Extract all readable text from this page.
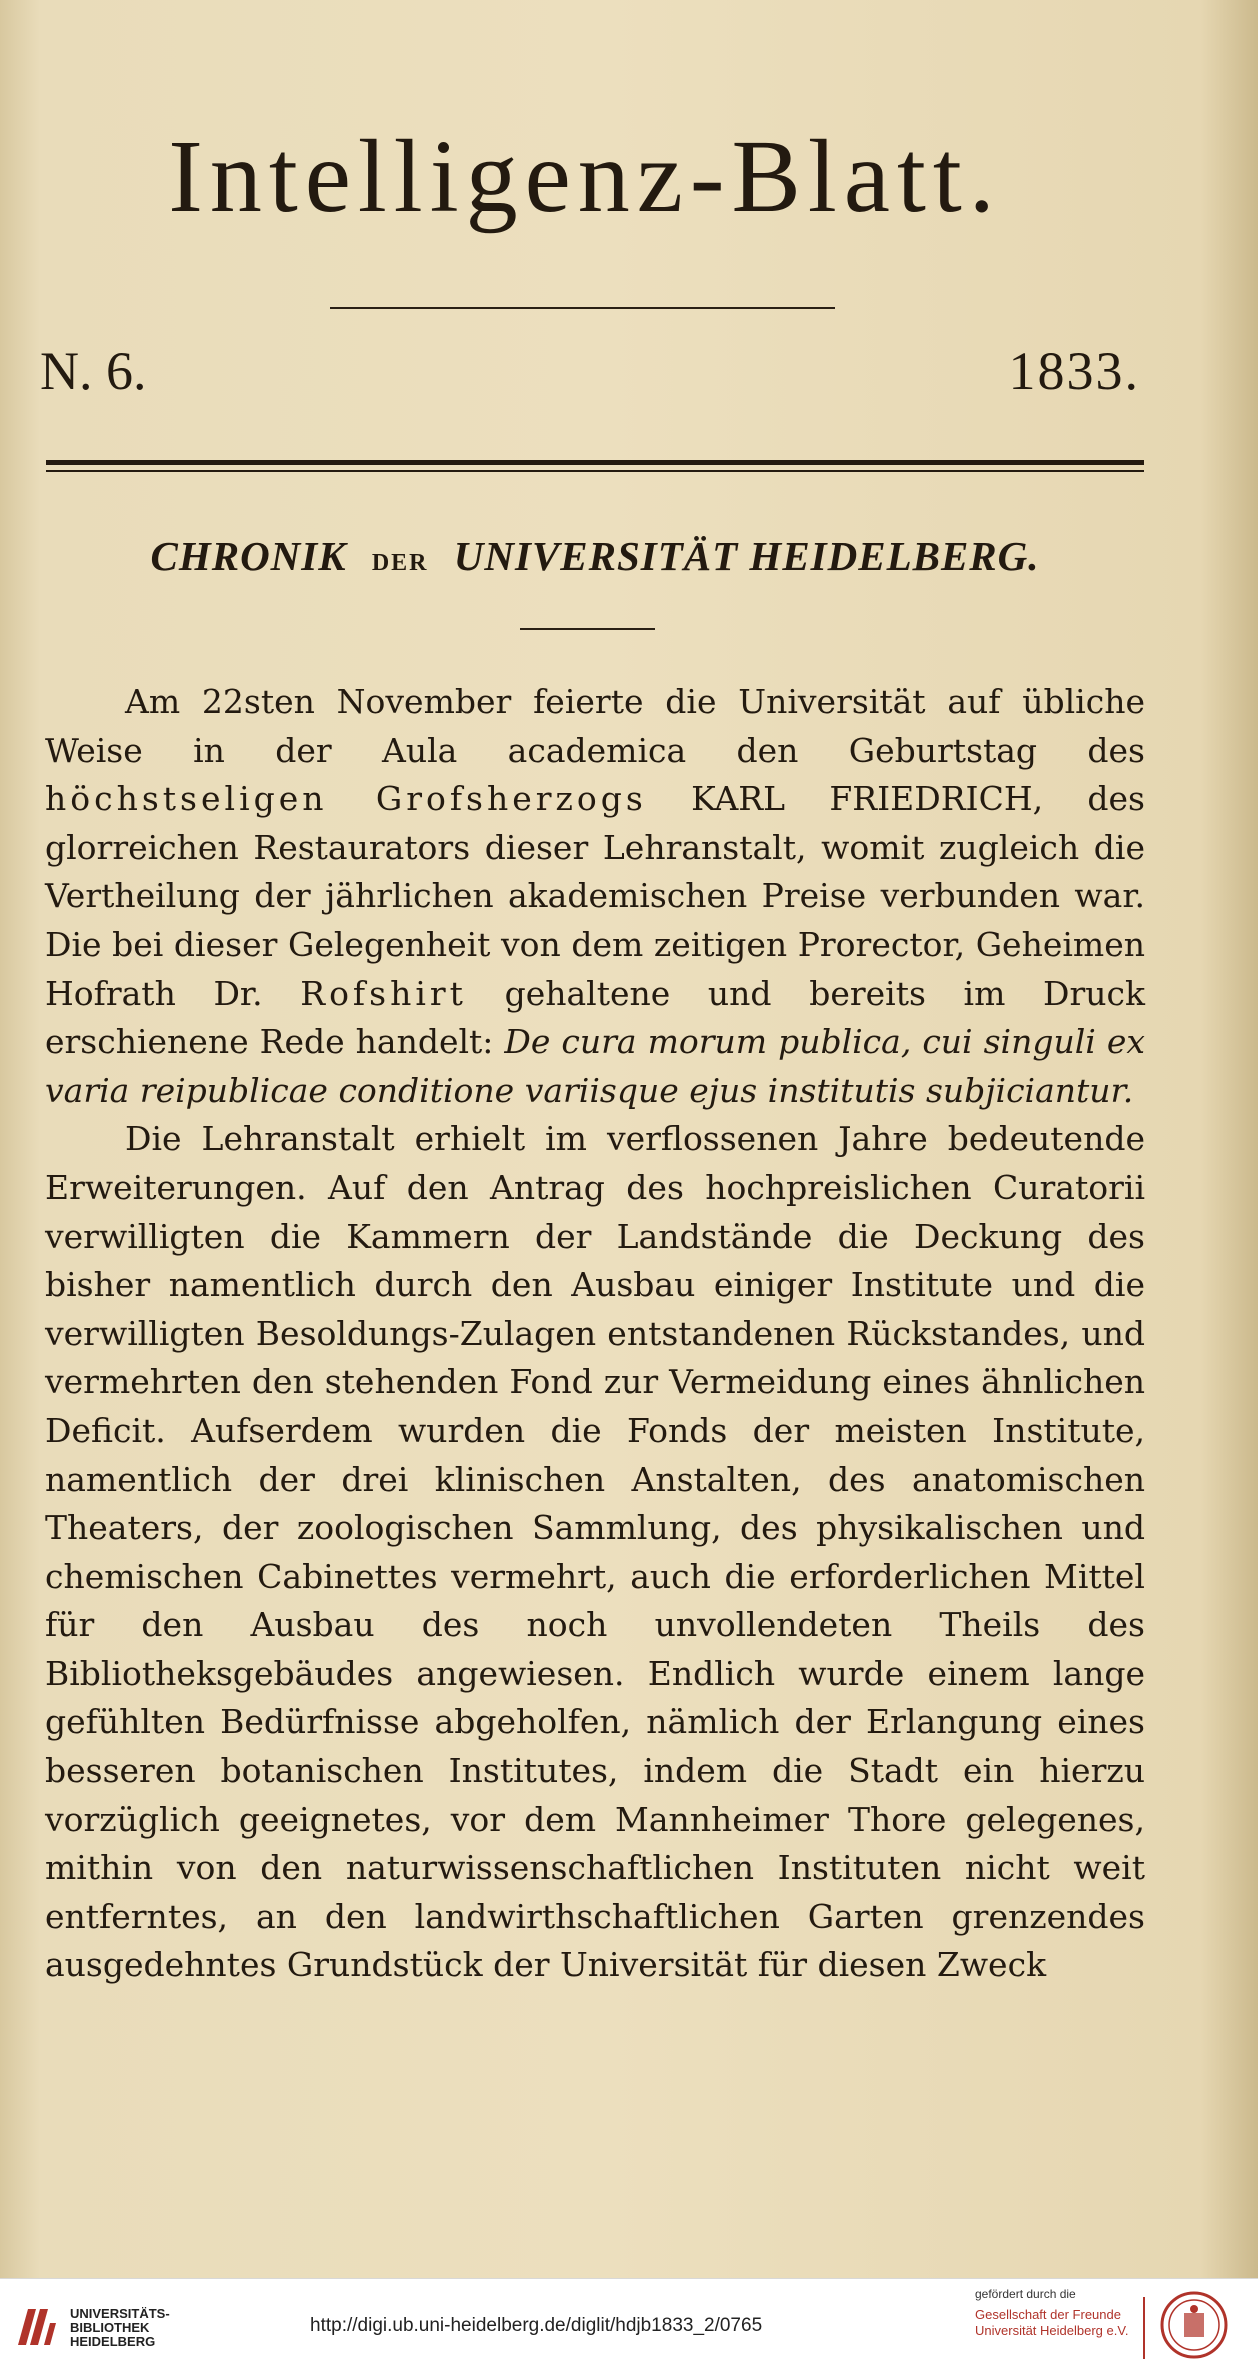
Intelligenz-Blatt.
N. 6.	1833.
CHRONIK DER UNIVERSITÄT HEIDELBERG.

Am 22sten November feierte die Universität auf übliche Weise in der Aula academica den Geburtstag des höchstseligen Grofsherzogs KARL FRIEDRICH, des glorreichen Restaurators dieser Lehranstalt, womit zugleich die Vertheilung der jährlichen akademischen Preise verbunden war. Die bei dieser Gelegenheit von dem zeitigen Prorector, Geheimen Hofrath Dr. Rofshirt gehaltene und bereits im Druck erschienene Rede handelt: De cura morum publica, cui singuli ex varia reipublicae conditione variisque ejus institutis subjiciantur.

Die Lehranstalt erhielt im verflossenen Jahre bedeutende Erweiterungen. Auf den Antrag des hochpreislichen Curatorii verwilligten die Kammern der Landstände die Deckung des bisher namentlich durch den Ausbau einiger Institute und die verwilligten Besoldungs-Zulagen entstandenen Rückstandes, und vermehrten den stehenden Fond zur Vermeidung eines ähnlichen Deficit. Aufserdem wurden die Fonds der meisten Institute, namentlich der drei klinischen Anstalten, des anatomischen Theaters, der zoologischen Sammlung, des physikalischen und chemischen Cabinettes vermehrt, auch die erforderlichen Mittel für den Ausbau des noch unvollendeten Theils des Bibliotheksgebäudes angewiesen. Endlich wurde einem lange gefühlten Bedürfnisse abgeholfen, nämlich der Erlangung eines besseren botanischen Institutes, indem die Stadt ein hierzu vorzüglich geeignetes, vor dem Mannheimer Thore gelegenes, mithin von den naturwissenschaftlichen Instituten nicht weit entferntes, an den landwirthschaftlichen Garten grenzendes ausgedehntes Grundstück der Universität für diesen Zweck

UNIVERSITÄTS-
BIBLIOTHEK
HEIDELBERG
http://digi.ub.uni-heidelberg.de/diglit/hdjb1833_2/0765
gefördert durch die
Gesellschaft der Freunde
Universität Heidelberg e.V.
